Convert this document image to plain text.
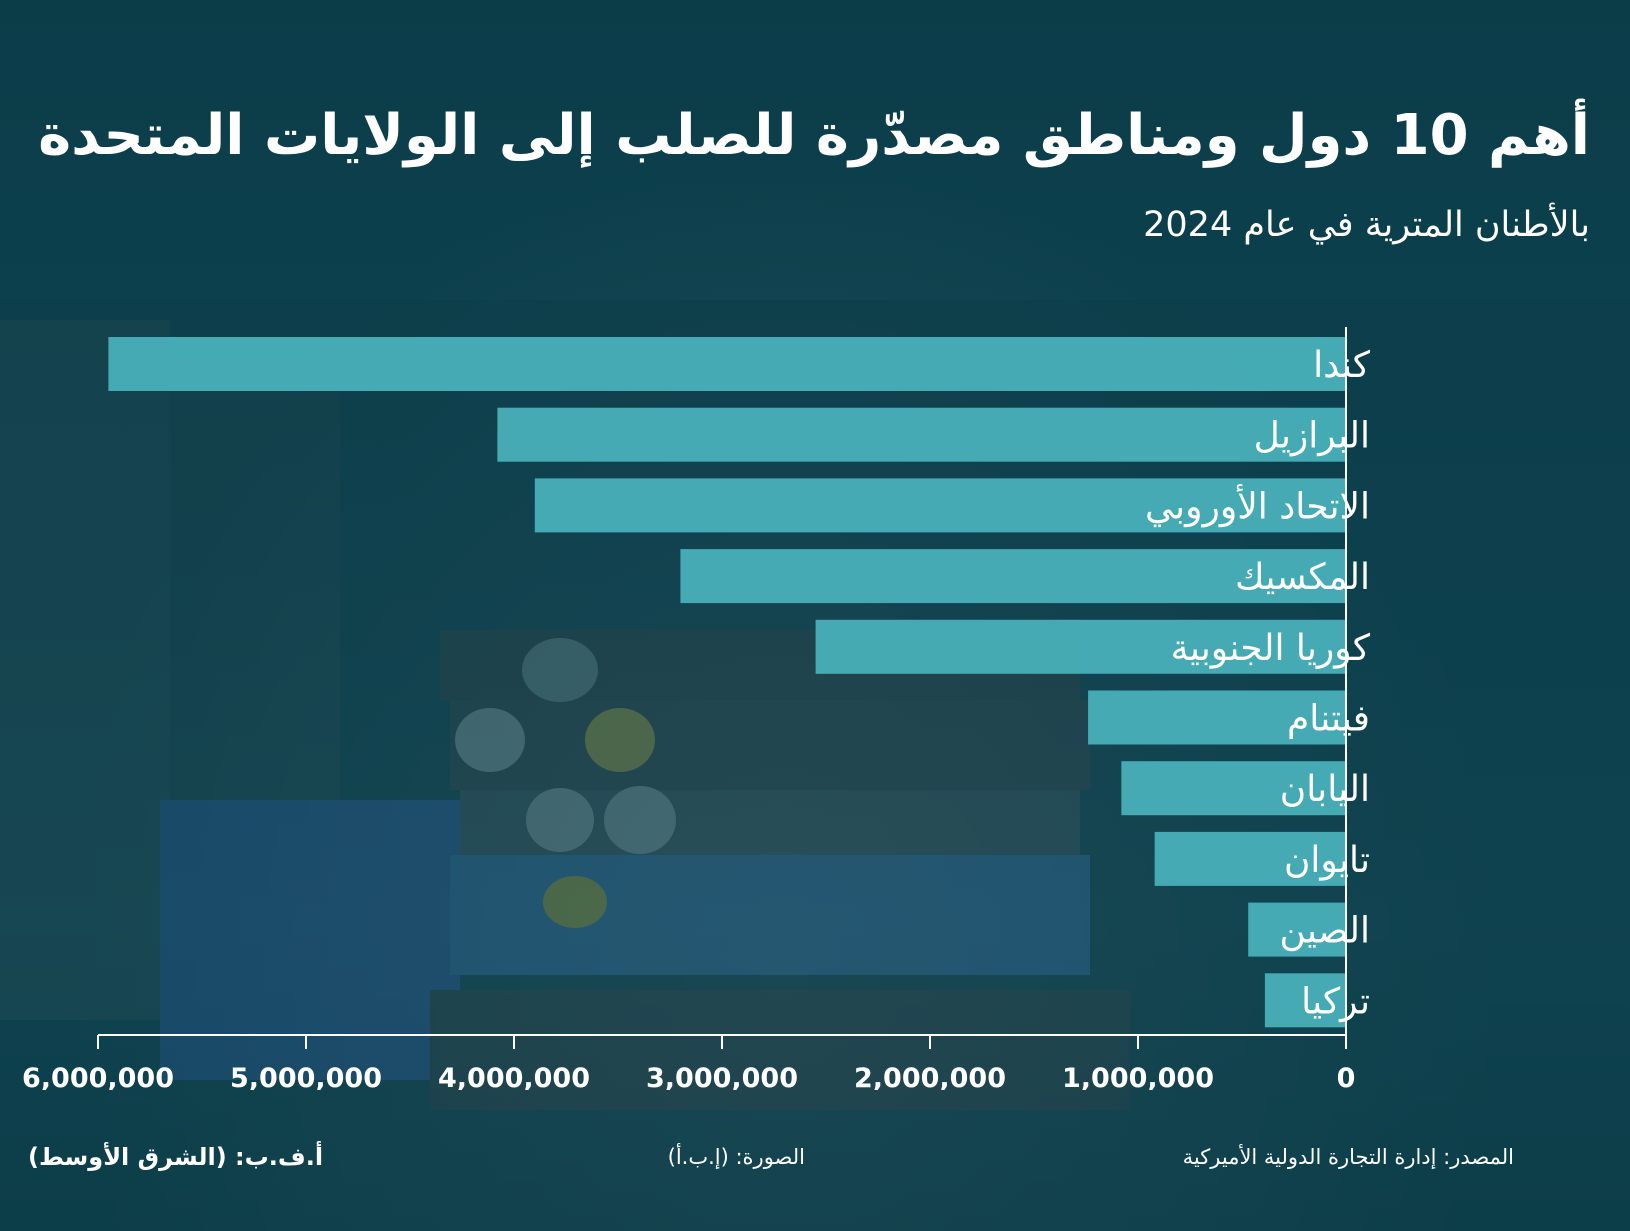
أهم 10 دول ومناطق مصدّرة للصلب إلى الولايات المتحدة
بالأطنان المترية في عام 2024
كندا
البرازيل
الاتحاد الأوروبي
المكسيك
كوريا الجنوبية
فيتنام
اليابان
تايوان
الصين
تركيا
0
1,000,000
2,000,000
3,000,000
4,000,000
5,000,000
6,000,000
المصدر: إدارة التجارة الدولية الأميركية
الصورة: (إ.ب.أ)
أ.ف.ب: (الشرق الأوسط)
